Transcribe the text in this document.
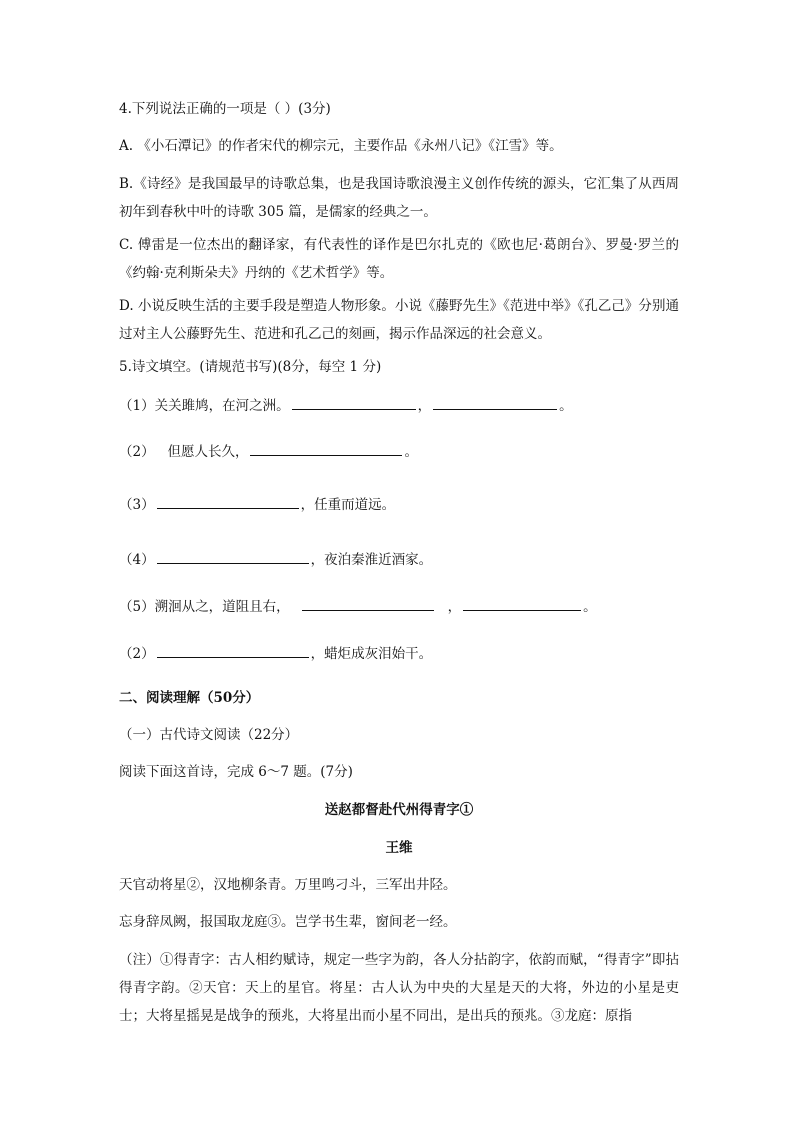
4.下列说法正确的一项是（ ）(3分)
A. 《小石潭记》的作者宋代的柳宗元，主要作品《永州八记》《江雪》等。
B.《诗经》是我国最早的诗歌总集，也是我国诗歌浪漫主义创作传统的源头，它汇集了从西周初年到春秋中叶的诗歌 305 篇，是儒家的经典之一。
C. 傅雷是一位杰出的翻译家，有代表性的译作是巴尔扎克的《欧也尼·葛朗台》、罗曼·罗兰的《约翰·克利斯朵夫》丹纳的《艺术哲学》等。
D. 小说反映生活的主要手段是塑造人物形象。小说《藤野先生》《范进中举》《孔乙己》分别通过对主人公藤野先生、范进和孔乙己的刻画，揭示作品深远的社会意义。
5.诗文填空。(请规范书写)(8分，每空 1 分)
（1）关关雎鸠，在河之洲。	，	。
（2）   但愿人长久，	。
（3）	，任重而道远。
（4）	，夜泊秦淮近酒家。
（5）溯洄从之，道阻且右，	，	。
（2）	，蜡炬成灰泪始干。
二、阅读理解（50分）
（一）古代诗文阅读（22分）
阅读下面这首诗，完成 6～7 题。(7分)
送赵都督赴代州得青字①
王维
天官动将星②，汉地柳条青。万里鸣刁斗，三军出井陉。
忘身辞凤阙，报国取龙庭③。岂学书生辈，窗间老一经。
（注）①得青字：古人相约赋诗，规定一些字为韵，各人分拈韵字，依韵而赋，“得青字”即拈得青字韵。②天官：天上的星官。将星：古人认为中央的大星是天的大将，外边的小星是吏士；大将星摇晃是战争的预兆，大将星出而小星不同出，是出兵的预兆。③龙庭：原指
